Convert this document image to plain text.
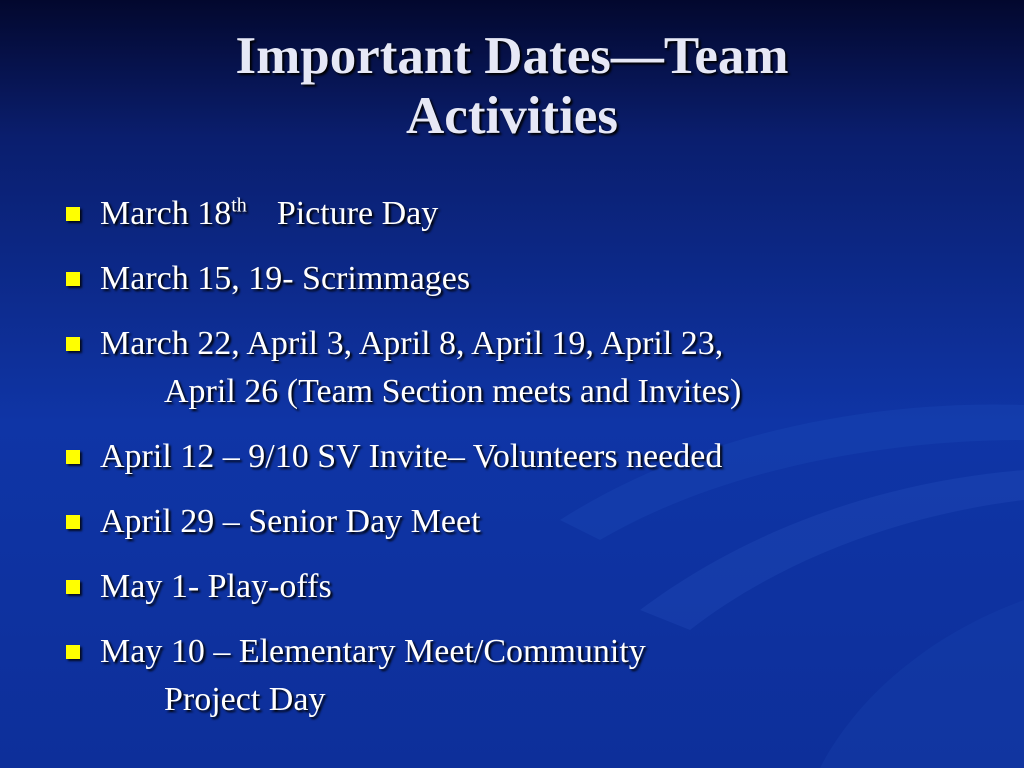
Important Dates—Team
Activities
March 18th Picture Day
March 15, 19- Scrimmages
March 22, April 3, April 8, April 19, April 23,
April 26 (Team Section meets and Invites)
April 12 – 9/10 SV Invite– Volunteers needed
April 29 – Senior Day Meet
May 1- Play-offs
May 10 – Elementary Meet/Community
Project Day
